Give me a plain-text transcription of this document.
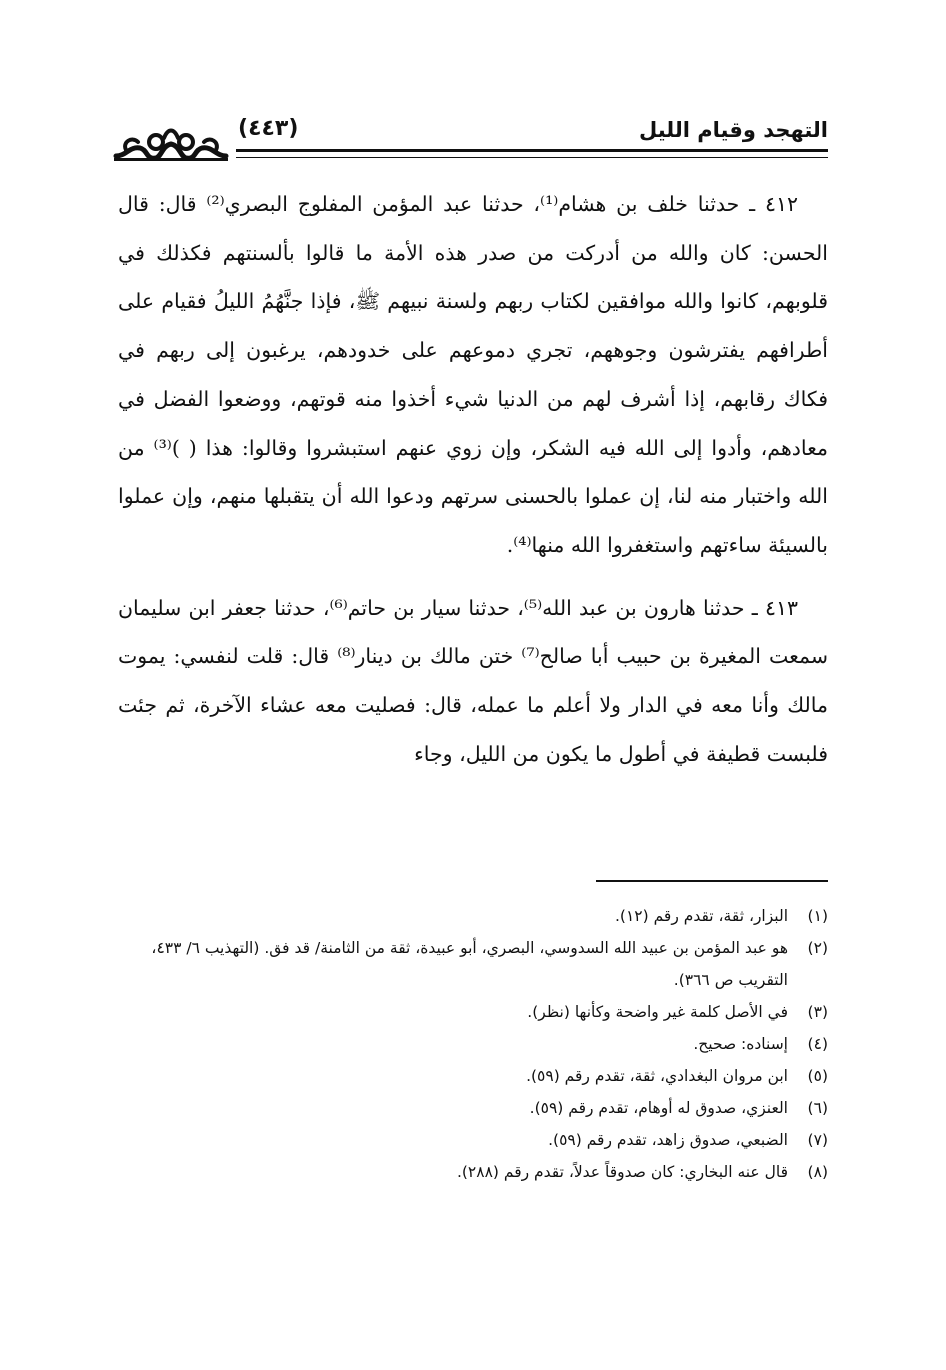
التهجد وقيام الليل
(٤٤٣)

٤١٢ ـ حدثنا خلف بن هشام⁽¹⁾، حدثنا عبد المؤمن المفلوج البصري⁽²⁾ قال: قال الحسن: كان والله من أدركت من صدر هذه الأمة ما قالوا بألسنتهم فكذلك في قلوبهم، كانوا والله موافقين لكتاب ربهم ولسنة نبيهم ﷺ، فإذا جنَّهُمُ الليلُ فقيام على أطرافهم يفترشون وجوههم، تجري دموعهم على خدودهم، يرغبون إلى ربهم في فكاك رقابهم، إذا أشرف لهم من الدنيا شيء أخذوا منه قوتهم، ووضعوا الفضل في معادهم، وأدوا إلى الله فيه الشكر، وإن زوي عنهم استبشروا وقالوا: هذا ( )⁽³⁾ من الله واختبار منه لنا، إن عملوا بالحسنى سرتهم ودعوا الله أن يتقبلها منهم، وإن عملوا بالسيئة ساءتهم واستغفروا الله منها⁽⁴⁾.

٤١٣ ـ حدثنا هارون بن عبد الله⁽⁵⁾، حدثنا سيار بن حاتم⁽⁶⁾، حدثنا جعفر ابن سليمان سمعت المغيرة بن حبيب أبا صالح⁽⁷⁾ ختن مالك بن دينار⁽⁸⁾ قال: قلت لنفسي: يموت مالك وأنا معه في الدار ولا أعلم ما عمله، قال: فصليت معه عشاء الآخرة، ثم جئت فلبست قطيفة في أطول ما يكون من الليل، وجاء

(١)البزار، ثقة، تقدم رقم (١٢).

(٢)هو عبد المؤمن بن عبيد الله السدوسي، البصري، أبو عبيدة، ثقة من الثامنة/ قد فق. (التهذيب ٦/ ٤٣٣، التقريب ص ٣٦٦).

(٣)في الأصل كلمة غير واضحة وكأنها (نظر).

(٤)إسناده: صحيح.

(٥)ابن مروان البغدادي، ثقة، تقدم رقم (٥٩).

(٦)العنزي، صدوق له أوهام، تقدم رقم (٥٩).

(٧)الضبعي، صدوق زاهد، تقدم رقم (٥٩).

(٨)قال عنه البخاري: كان صدوقاً عدلاً، تقدم رقم (٢٨٨).
